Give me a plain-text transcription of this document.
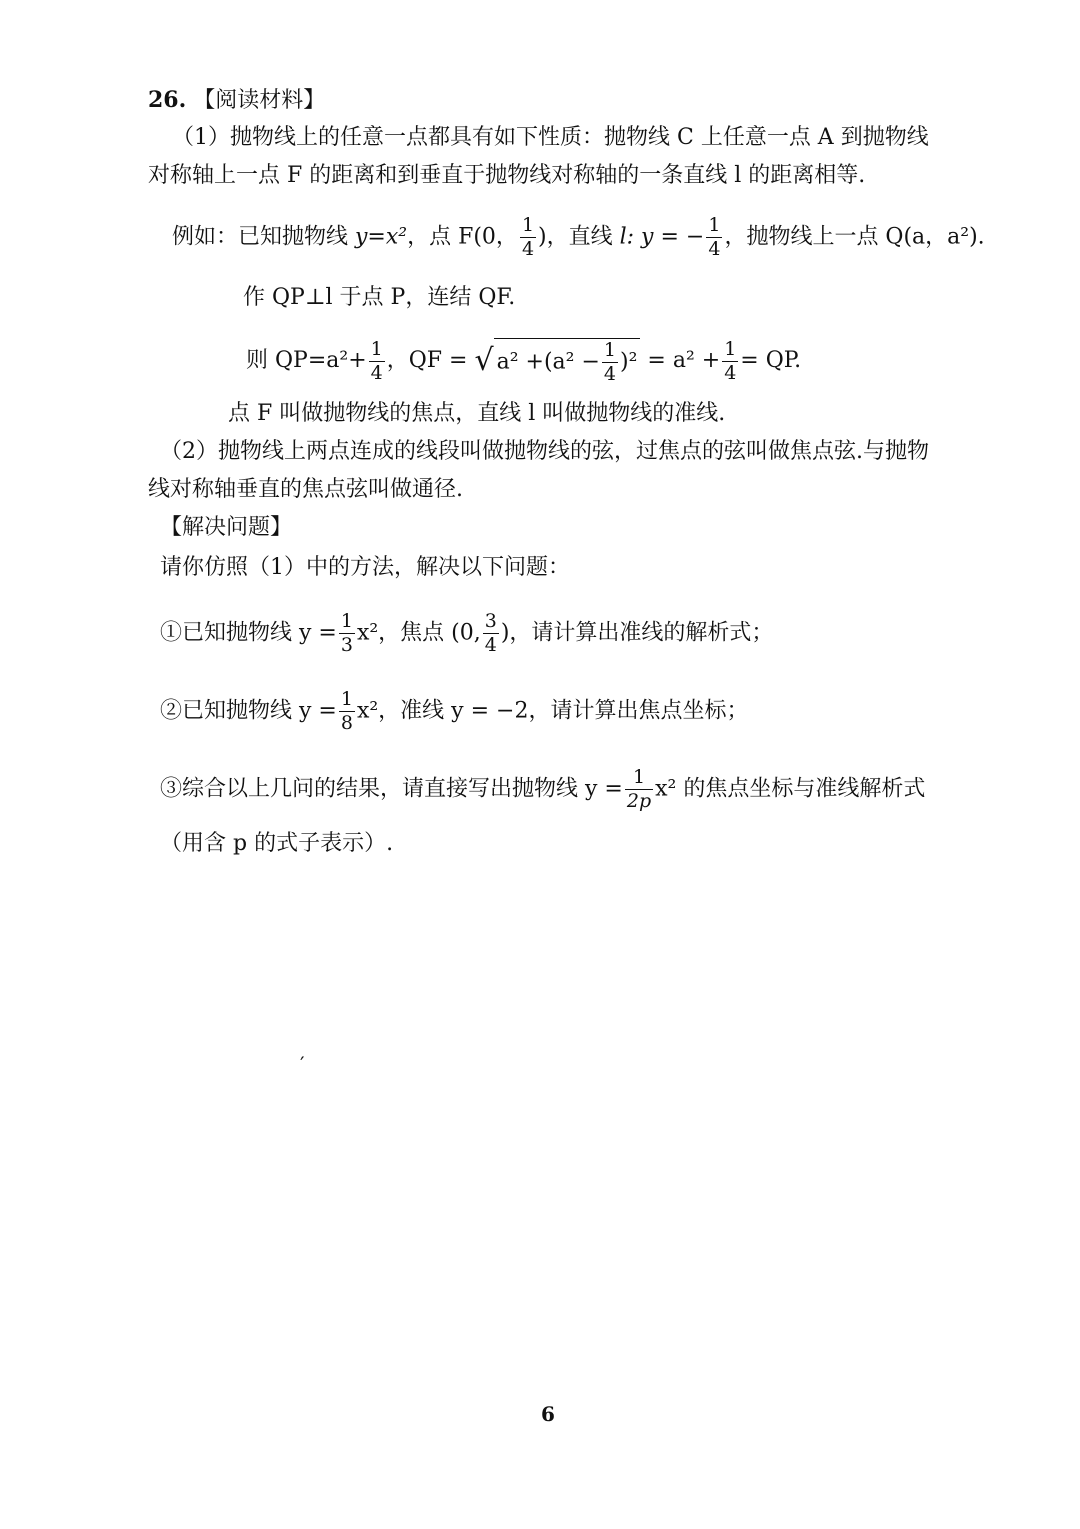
26. 【阅读材料】
（1）抛物线上的任意一点都具有如下性质：抛物线 C 上任意一点 A 到抛物线
对称轴上一点 F 的距离和到垂直于抛物线对称轴的一条直线 l 的距离相等.
例如：已知抛物线 y=x²，点 F(0， $\frac{1}{4}$ )，直线 l: y = − $\frac{1}{4}$ ，抛物线上一点 Q(a，a²).
作 QP⊥l 于点 P，连结 QF.
则 $QP=a^2+ \frac{1}{4}$ ，QF = √ $a^2 +(a^2 - \frac{1}{4} )^2 = a^2 + \frac{1}{4}$ = QP.
点 F 叫做抛物线的焦点，直线 l 叫做抛物线的准线.
（2）抛物线上两点连成的线段叫做抛物线的弦，过焦点的弦叫做焦点弦.与抛物
线对称轴垂直的焦点弦叫做通径.
【解决问题】
请你仿照（1）中的方法，解决以下问题：
①已知抛物线 $y = \frac{1}{3} x^2$，焦点 (0, $\frac{3}{4}$ )，请计算出准线的解析式；
②已知抛物线 $y = \frac{1}{8} x^2$，准线 y = −2，请计算出焦点坐标；
③综合以上几问的结果，请直接写出抛物线 $y = \frac{1}{2p} x^2$ 的焦点坐标与准线解析式
（用含 p 的式子表示）.
′
6
